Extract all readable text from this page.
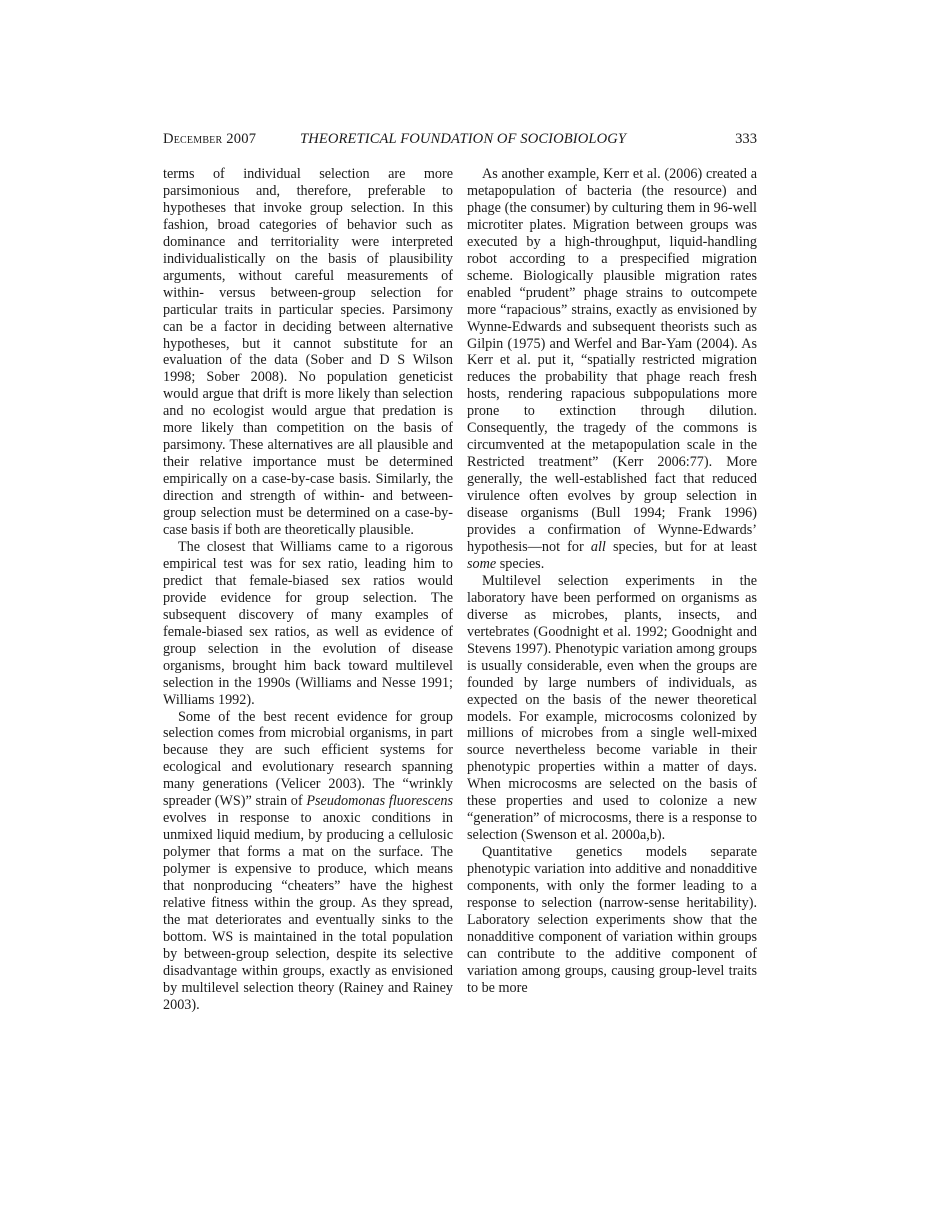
December 2007	THEORETICAL FOUNDATION OF SOCIOBIOLOGY	333

terms of individual selection are more parsimonious and, therefore, preferable to hypotheses that invoke group selection. In this fashion, broad categories of behavior such as dominance and territoriality were interpreted individualistically on the basis of plausibility arguments, without careful measurements of within- versus between-group selection for particular traits in particular species. Parsimony can be a factor in deciding between alternative hypotheses, but it cannot substitute for an evaluation of the data (Sober and D S Wilson 1998; Sober 2008). No population geneticist would argue that drift is more likely than selection and no ecologist would argue that predation is more likely than competition on the basis of parsimony. These alternatives are all plausible and their relative importance must be determined empirically on a case-by-case basis. Similarly, the direction and strength of within- and between-group selection must be determined on a case-by-case basis if both are theoretically plausible.

The closest that Williams came to a rigorous empirical test was for sex ratio, leading him to predict that female-biased sex ratios would provide evidence for group selection. The subsequent discovery of many examples of female-biased sex ratios, as well as evidence of group selection in the evolution of disease organisms, brought him back toward multilevel selection in the 1990s (Williams and Nesse 1991; Williams 1992).

Some of the best recent evidence for group selection comes from microbial organisms, in part because they are such efficient systems for ecological and evolutionary research spanning many generations (Velicer 2003). The “wrinkly spreader (WS)” strain of Pseudomonas fluorescens evolves in response to anoxic conditions in unmixed liquid medium, by producing a cellulosic polymer that forms a mat on the surface. The polymer is expensive to produce, which means that nonproducing “cheaters” have the highest relative fitness within the group. As they spread, the mat deteriorates and eventually sinks to the bottom. WS is maintained in the total population by between-group selection, despite its selective disadvantage within groups, exactly as envisioned by multilevel selection theory (Rainey and Rainey 2003).

As another example, Kerr et al. (2006) created a metapopulation of bacteria (the resource) and phage (the consumer) by culturing them in 96-well microtiter plates. Migration between groups was executed by a high-throughput, liquid-handling robot according to a prespecified migration scheme. Biologically plausible migration rates enabled “prudent” phage strains to outcompete more “rapacious” strains, exactly as envisioned by Wynne-Edwards and subsequent theorists such as Gilpin (1975) and Werfel and Bar-Yam (2004). As Kerr et al. put it, “spatially restricted migration reduces the probability that phage reach fresh hosts, rendering rapacious subpopulations more prone to extinction through dilution. Consequently, the tragedy of the commons is circumvented at the metapopulation scale in the Restricted treatment” (Kerr 2006:77). More generally, the well-established fact that reduced virulence often evolves by group selection in disease organisms (Bull 1994; Frank 1996) provides a confirmation of Wynne-Edwards’ hypothesis—not for all species, but for at least some species.

Multilevel selection experiments in the laboratory have been performed on organisms as diverse as microbes, plants, insects, and vertebrates (Goodnight et al. 1992; Goodnight and Stevens 1997). Phenotypic variation among groups is usually considerable, even when the groups are founded by large numbers of individuals, as expected on the basis of the newer theoretical models. For example, microcosms colonized by millions of microbes from a single well-mixed source nevertheless become variable in their phenotypic properties within a matter of days. When microcosms are selected on the basis of these properties and used to colonize a new “generation” of microcosms, there is a response to selection (Swenson et al. 2000a,b).

Quantitative genetics models separate phenotypic variation into additive and nonadditive components, with only the former leading to a response to selection (narrow-sense heritability). Laboratory selection experiments show that the nonadditive component of variation within groups can contribute to the additive component of variation among groups, causing group-level traits to be more
